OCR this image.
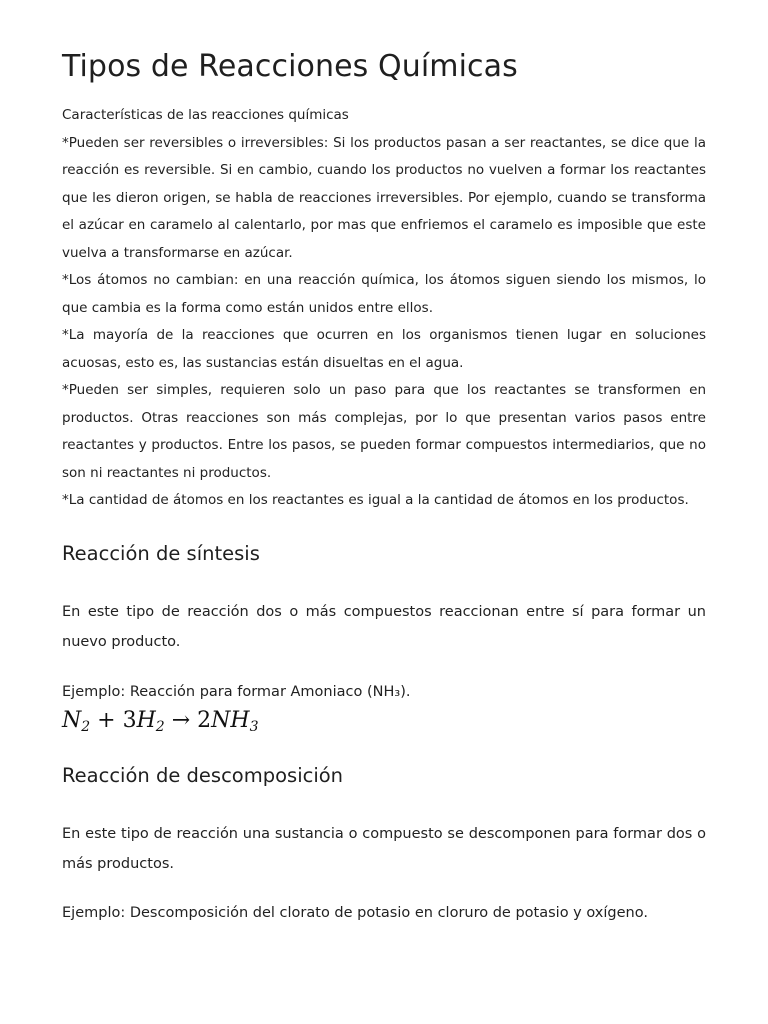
Tipos de Reacciones Químicas

Características de las reacciones químicas

*Pueden ser reversibles o irreversibles: Si los productos pasan a ser reactantes, se dice que la reacción es reversible. Si en cambio, cuando los productos no vuelven a formar los reactantes que les dieron origen, se habla de reacciones irreversibles. Por ejemplo, cuando se transforma el azúcar en caramelo al calentarlo, por mas que enfriemos el caramelo es imposible que este vuelva a transformarse en azúcar.

*Los átomos no cambian: en una reacción química, los átomos siguen siendo los mismos, lo que cambia es la forma como están unidos entre ellos.

*La mayoría de la reacciones que ocurren en los organismos tienen lugar en soluciones acuosas, esto es, las sustancias están disueltas en el agua.

*Pueden ser simples, requieren solo un paso para que los reactantes se transformen en productos. Otras reacciones son más complejas, por lo que presentan varios pasos entre reactantes y productos. Entre los pasos, se pueden formar compuestos intermediarios, que no son ni reactantes ni productos.

*La cantidad de átomos en los reactantes es igual a la cantidad de átomos en los productos.

Reacción de síntesis

En este tipo de reacción dos o más compuestos reaccionan entre sí para formar un nuevo producto.

Ejemplo: Reacción para formar Amoniaco (NH₃).

$N_2 + 3H_2 \to 2NH_3$
Reacción de descomposición

En este tipo de reacción una sustancia o compuesto se descomponen para formar dos o más productos.

Ejemplo: Descomposición del clorato de potasio en cloruro de potasio y oxígeno.
